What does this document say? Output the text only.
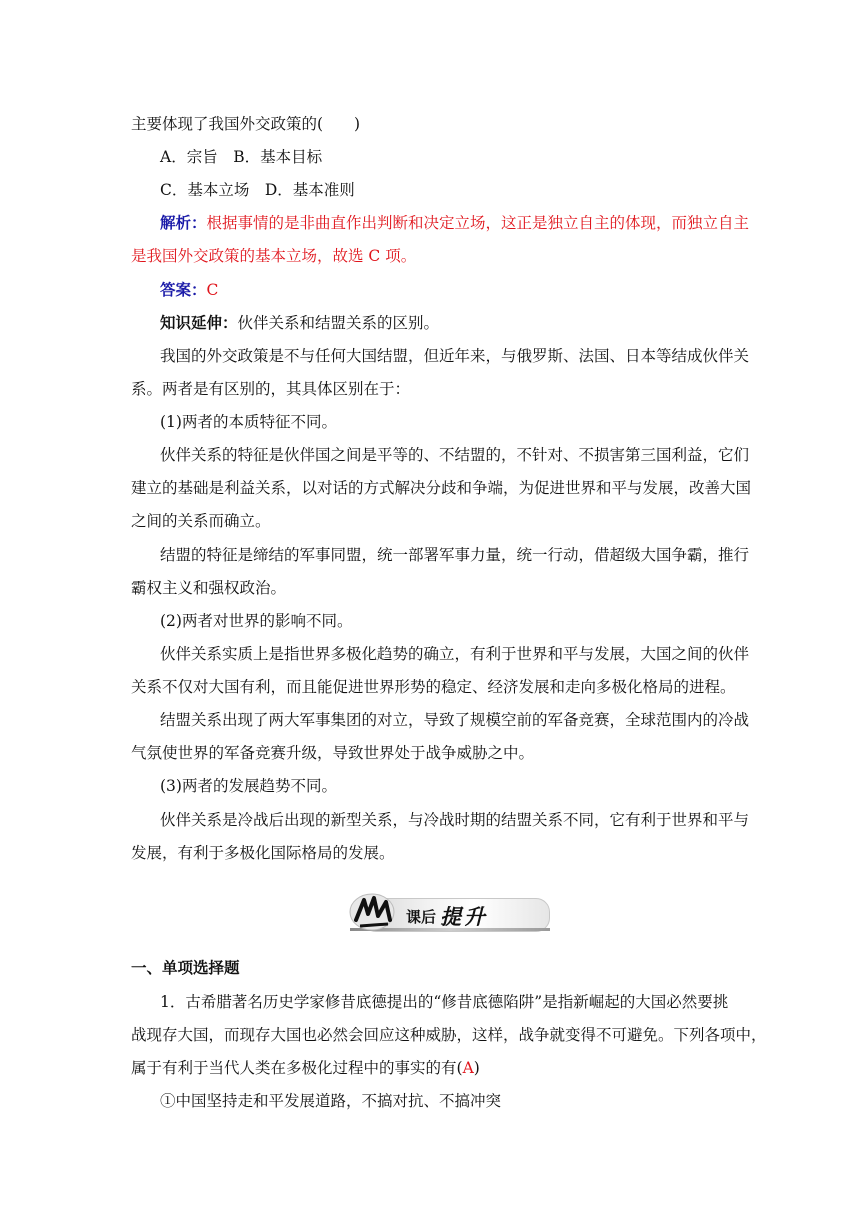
主要体现了我国外交政策的(　　)
A．宗旨　B．基本目标
C．基本立场　D．基本准则
解析：根据事情的是非曲直作出判断和决定立场，这正是独立自主的体现，而独立自主
是我国外交政策的基本立场，故选 C 项。
答案：C
知识延伸：伙伴关系和结盟关系的区别。
我国的外交政策是不与任何大国结盟，但近年来，与俄罗斯、法国、日本等结成伙伴关
系。两者是有区别的，其具体区别在于：
(1)两者的本质特征不同。
伙伴关系的特征是伙伴国之间是平等的、不结盟的，不针对、不损害第三国利益，它们
建立的基础是利益关系，以对话的方式解决分歧和争端，为促进世界和平与发展，改善大国
之间的关系而确立。
结盟的特征是缔结的军事同盟，统一部署军事力量，统一行动，借超级大国争霸，推行
霸权主义和强权政治。
(2)两者对世界的影响不同。
伙伴关系实质上是指世界多极化趋势的确立，有利于世界和平与发展，大国之间的伙伴
关系不仅对大国有利，而且能促进世界形势的稳定、经济发展和走向多极化格局的进程。
结盟关系出现了两大军事集团的对立，导致了规模空前的军备竞赛，全球范围内的冷战
气氛使世界的军备竞赛升级，导致世界处于战争威胁之中。
(3)两者的发展趋势不同。
伙伴关系是冷战后出现的新型关系，与冷战时期的结盟关系不同，它有利于世界和平与
发展，有利于多极化国际格局的发展。
课后 提升
一、单项选择题
1．古希腊著名历史学家修昔底德提出的“修昔底德陷阱”是指新崛起的大国必然要挑
战现存大国，而现存大国也必然会回应这种威胁，这样，战争就变得不可避免。下列各项中，
属于有利于当代人类在多极化过程中的事实的有(A)
①中国坚持走和平发展道路，不搞对抗、不搞冲突
